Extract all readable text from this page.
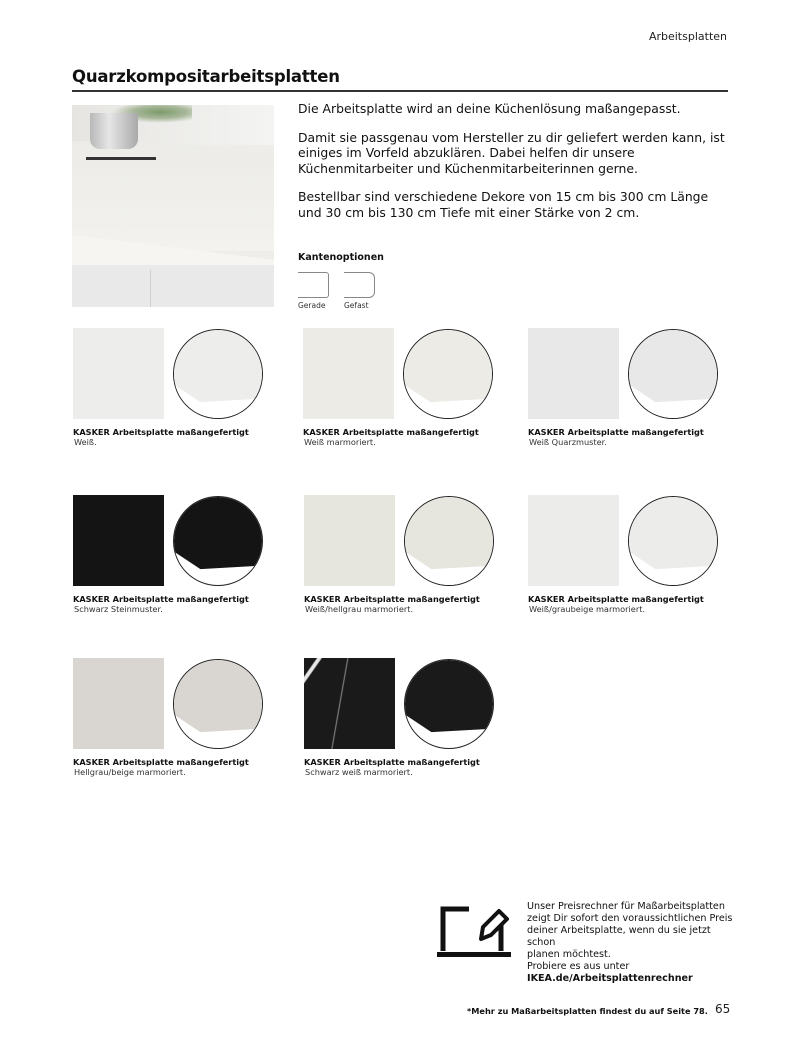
Arbeitsplatten
Quarzkompositarbeitsplatten

Die Arbeitsplatte wird an deine Küchenlösung maßangepasst.

Damit sie passgenau vom Hersteller zu dir geliefert werden kann, ist einiges im Vorfeld abzuklären. Dabei helfen dir unsere Küchenmitarbeiter und Küchenmitarbeiterinnen gerne.

Bestellbar sind verschiedene Dekore von 15 cm bis 300 cm Länge und 30 cm bis 130 cm Tiefe mit einer Stärke von 2 cm.

Kantenoptionen
Gerade Gefast
KASKER Arbeitsplatte maßangefertigt
Weiß.
KASKER Arbeitsplatte maßangefertigt
Weiß marmoriert.
KASKER Arbeitsplatte maßangefertigt
Weiß Quarzmuster.
KASKER Arbeitsplatte maßangefertigt
Schwarz Steinmuster.
KASKER Arbeitsplatte maßangefertigt
Weiß/hellgrau marmoriert.
KASKER Arbeitsplatte maßangefertigt
Weiß/graubeige marmoriert.
KASKER Arbeitsplatte maßangefertigt
Hellgrau/beige marmoriert.
KASKER Arbeitsplatte maßangefertigt
Schwarz weiß marmoriert.
Unser Preisrechner für Maßarbeitsplatten
zeigt Dir sofort den voraussichtlichen Preis
deiner Arbeitsplatte, wenn du sie jetzt schon
planen möchtest.
Probiere es aus unter
IKEA.de/Arbeitsplattenrechner
*Mehr zu Maßarbeitsplatten findest du auf Seite 78. 65
